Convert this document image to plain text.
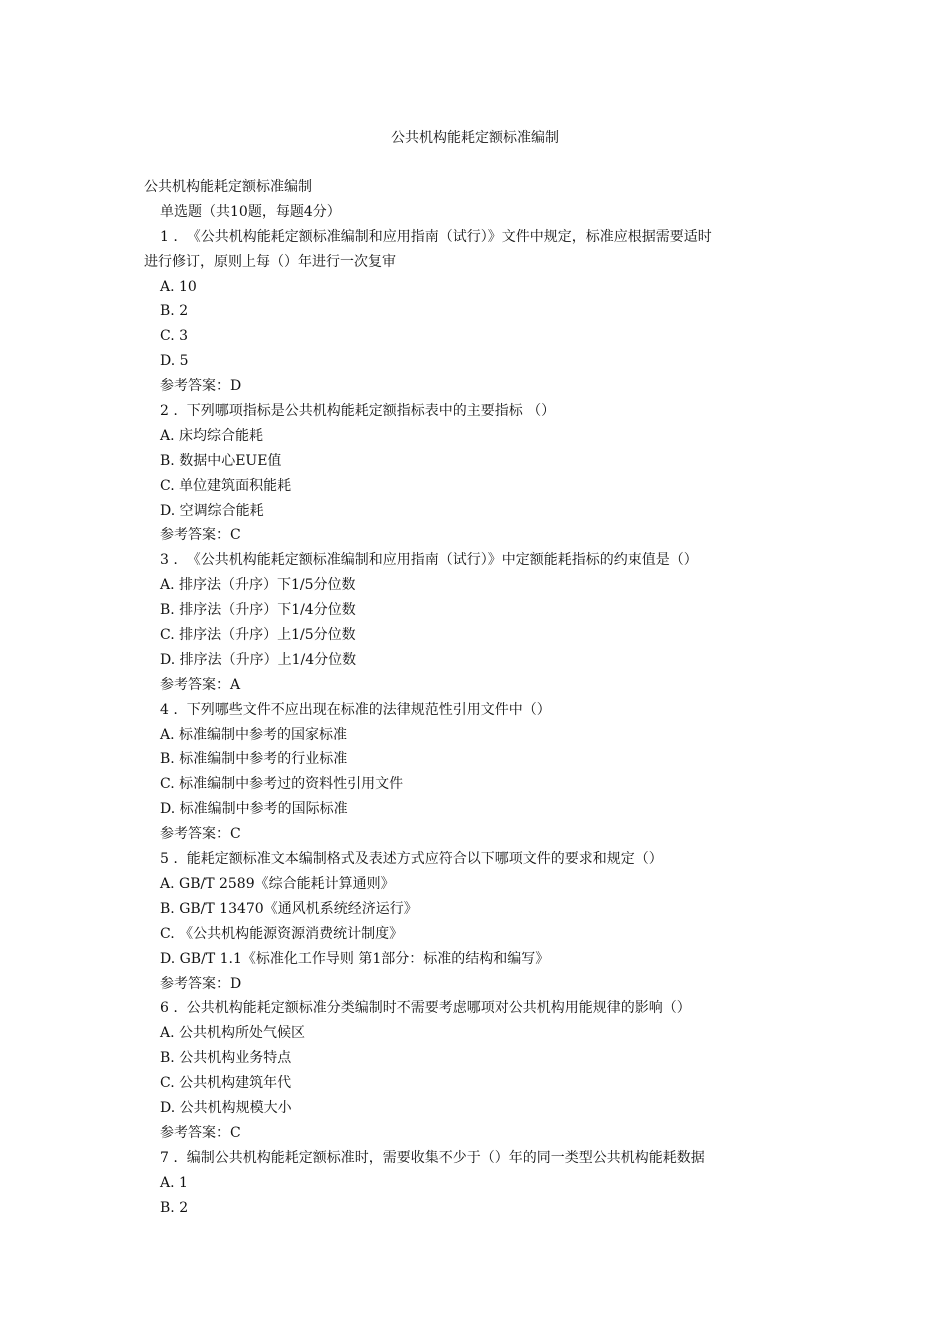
公共机构能耗定额标准编制
公共机构能耗定额标准编制
单选题（共10题，每题4分）
1 .  《公共机构能耗定额标准编制和应用指南（试行）》文件中规定，标准应根据需要适时
进行修订，原则上每（）年进行一次复审
A. 10
B. 2
C. 3
D. 5
参考答案：D
2 .  下列哪项指标是公共机构能耗定额指标表中的主要指标 （）
A. 床均综合能耗
B. 数据中心EUE值
C. 单位建筑面积能耗
D. 空调综合能耗
参考答案：C
3 .  《公共机构能耗定额标准编制和应用指南（试行）》中定额能耗指标的约束值是（）
A. 排序法（升序）下1/5分位数
B. 排序法（升序）下1/4分位数
C. 排序法（升序）上1/5分位数
D. 排序法（升序）上1/4分位数
参考答案：A
4 .  下列哪些文件不应出现在标准的法律规范性引用文件中（）
A. 标准编制中参考的国家标准
B. 标准编制中参考的行业标准
C. 标准编制中参考过的资料性引用文件
D. 标准编制中参考的国际标准
参考答案：C
5 .  能耗定额标准文本编制格式及表述方式应符合以下哪项文件的要求和规定（）
A. GB/T 2589《综合能耗计算通则》
B. GB/T 13470《通风机系统经济运行》
C. 《公共机构能源资源消费统计制度》
D. GB/T 1.1《标准化工作导则 第1部分：标准的结构和编写》
参考答案：D
6 .  公共机构能耗定额标准分类编制时不需要考虑哪项对公共机构用能规律的影响（）
A. 公共机构所处气候区
B. 公共机构业务特点
C. 公共机构建筑年代
D. 公共机构规模大小
参考答案：C
7 .  编制公共机构能耗定额标准时，需要收集不少于（）年的同一类型公共机构能耗数据
A. 1
B. 2
